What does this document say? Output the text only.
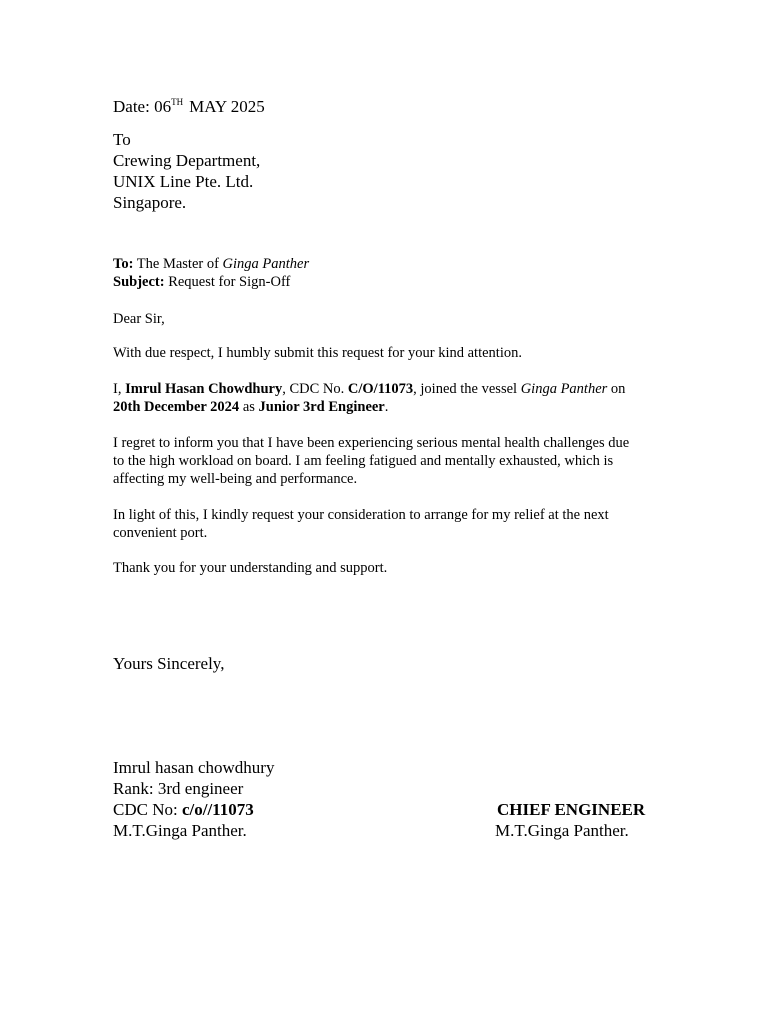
Date: 06TH MAY 2025
To
Crewing Department,
UNIX Line Pte. Ltd.
Singapore.
To: The Master of Ginga Panther
Subject: Request for Sign-Off
Dear Sir,
With due respect, I humbly submit this request for your kind attention.
I, Imrul Hasan Chowdhury, CDC No. C/O/11073, joined the vessel Ginga Panther on
20th December 2024 as Junior 3rd Engineer.
I regret to inform you that I have been experiencing serious mental health challenges due
to the high workload on board. I am feeling fatigued and mentally exhausted, which is
affecting my well-being and performance.
In light of this, I kindly request your consideration to arrange for my relief at the next
convenient port.
Thank you for your understanding and support.
Yours Sincerely,
Imrul hasan chowdhury
Rank: 3rd engineer
CDC No: c/o//11073
M.T.Ginga Panther.
CHIEF ENGINEER
M.T.Ginga Panther.
